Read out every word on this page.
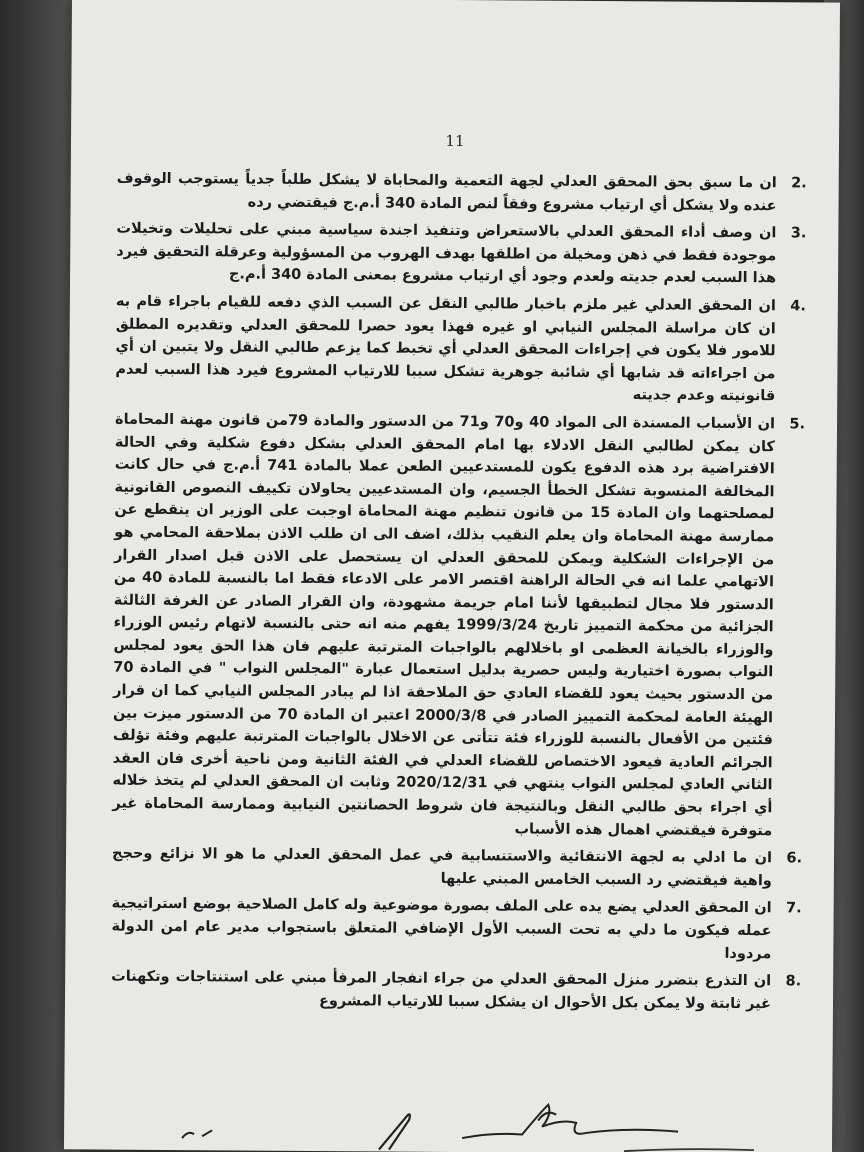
11
2.
ان ما سبق بحق المحقق العدلي لجهة التعمية والمحاباة لا يشكل طلباً جدياً يستوجب الوقوف عنده ولا يشكل أي ارتياب مشروع وفقاً لنص المادة 340 أ.م.ج فيقتضي رده
3.
ان وصف أداء المحقق العدلي بالاستعراض وتنفيذ اجندة سياسية مبني على تحليلات وتخيلات موجودة فقط في ذهن ومخيلة من اطلقها بهدف الهروب من المسؤولية وعرقلة التحقيق فيرد هذا السبب لعدم جديته ولعدم وجود أي ارتياب مشروع بمعنى المادة 340 أ.م.ج
4.
ان المحقق العدلي غير ملزم باخبار طالبي النقل عن السبب الذي دفعه للقيام باجراء قام به ان كان مراسلة المجلس النيابي او غيره فهذا يعود حصرا للمحقق العدلي وتقديره المطلق للامور فلا يكون في إجراءات المحقق العدلي أي تخبط كما يزعم طالبي النقل ولا يتبين ان أي من اجراءاته قد شابها أي شائبة جوهرية تشكل سببا للارتياب المشروع فيرد هذا السبب لعدم قانونيته وعدم جديته
5.
ان الأسباب المسندة الى المواد 40 و70 و71 من الدستور والمادة 79من قانون مهنة المحاماة كان يمكن لطالبي النقل الادلاء بها امام المحقق العدلي بشكل دفوع شكلية وفي الحالة الافتراضية برد هذه الدفوع يكون للمستدعيين الطعن عملا بالمادة 741 أ.م.ج في حال كانت المخالفة المنسوبة تشكل الخطأ الجسيم، وان المستدعيين يحاولان تكييف النصوص القانونية لمصلحتهما وان المادة 15 من قانون تنظيم مهنة المحاماة اوجبت على الوزير ان ينقطع عن ممارسة مهنة المحاماة وان يعلم النقيب بذلك، اضف الى ان طلب الاذن بملاحقة المحامي هو من الإجراءات الشكلية ويمكن للمحقق العدلي ان يستحصل على الاذن قبل اصدار القرار الاتهامي علما انه في الحالة الراهنة اقتصر الامر على الادعاء فقط اما بالنسبة للمادة 40 من الدستور فلا مجال لتطبيقها لأننا امام جريمة مشهودة، وان القرار الصادر عن الغرفة الثالثة الجزائية من محكمة التمييز تاريخ 1999/3/24 يفهم منه انه حتى بالنسبة لاتهام رئيس الوزراء والوزراء بالخيانة العظمى او باخلالهم بالواجبات المترتبة عليهم فان هذا الحق يعود لمجلس النواب بصورة اختيارية وليس حصرية بدليل استعمال عبارة "المجلس النواب " في المادة 70 من الدستور بحيث يعود للقضاء العادي حق الملاحقة اذا لم يبادر المجلس النيابي كما ان قرار الهيئة العامة لمحكمة التمييز الصادر في 2000/3/8 اعتبر ان المادة 70 من الدستور ميزت بين فئتين من الأفعال بالنسبة للوزراء فئة تتأتى عن الاخلال بالواجبات المترتبة عليهم وفئة تؤلف الجرائم العادية فيعود الاختصاص للقضاء العدلي في الفئة الثانية ومن ناحية أخرى فان العقد الثاني العادي لمجلس النواب ينتهي في 2020/12/31 وثابت ان المحقق العدلي لم يتخذ خلاله أي اجراء بحق طالبي النقل وبالنتيجة فان شروط الحصانتين النيابية وممارسة المحاماة غير متوفرة فيقتضي اهمال هذه الأسباب
6.
ان ما ادلي به لجهة الانتقائية والاستنسابية في عمل المحقق العدلي ما هو الا نزائع وحجج واهية فيقتضي رد السبب الخامس المبني عليها
7.
ان المحقق العدلي يضع يده على الملف بصورة موضوعية وله كامل الصلاحية بوضع استراتيجية عمله فيكون ما دلي به تحت السبب الأول الإضافي المتعلق باستجواب مدير عام امن الدولة مردودا
8.
ان التذرع بتضرر منزل المحقق العدلي من جراء انفجار المرفأ مبني على استنتاجات وتكهنات غير ثابتة ولا يمكن بكل الأحوال ان يشكل سببا للارتياب المشروع
